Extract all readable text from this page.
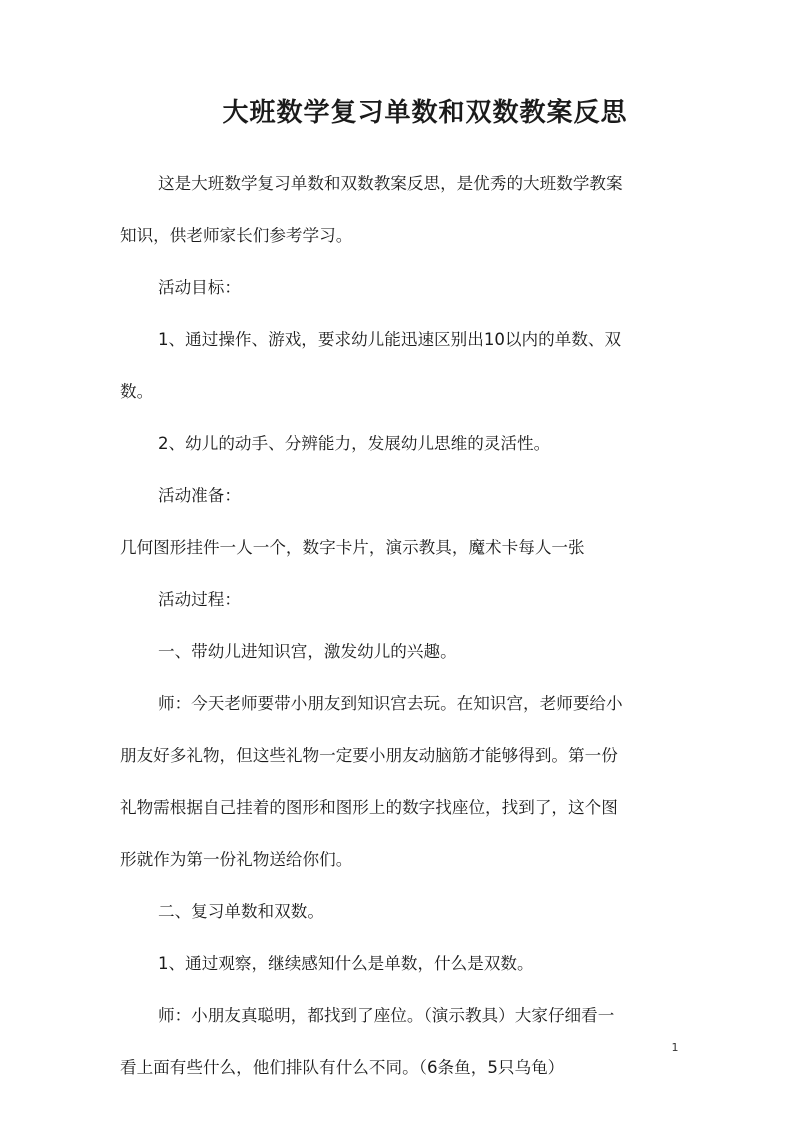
大班数学复习单数和双数教案反思

这是大班数学复习单数和双数教案反思，是优秀的大班数学教案

知识，供老师家长们参考学习。

活动目标：

1、通过操作、游戏，要求幼儿能迅速区别出10以内的单数、双

数。

2、幼儿的动手、分辨能力，发展幼儿思维的灵活性。

活动准备：

几何图形挂件一人一个，数字卡片，演示教具，魔术卡每人一张

活动过程：

一、带幼儿进知识宫，激发幼儿的兴趣。

师：今天老师要带小朋友到知识宫去玩。在知识宫，老师要给小

朋友好多礼物，但这些礼物一定要小朋友动脑筋才能够得到。第一份

礼物需根据自己挂着的图形和图形上的数字找座位，找到了，这个图

形就作为第一份礼物送给你们。

二、复习单数和双数。

1、通过观察，继续感知什么是单数，什么是双数。

师：小朋友真聪明，都找到了座位。（演示教具）大家仔细看一

看上面有些什么，他们排队有什么不同。（6条鱼，5只乌龟）

1
